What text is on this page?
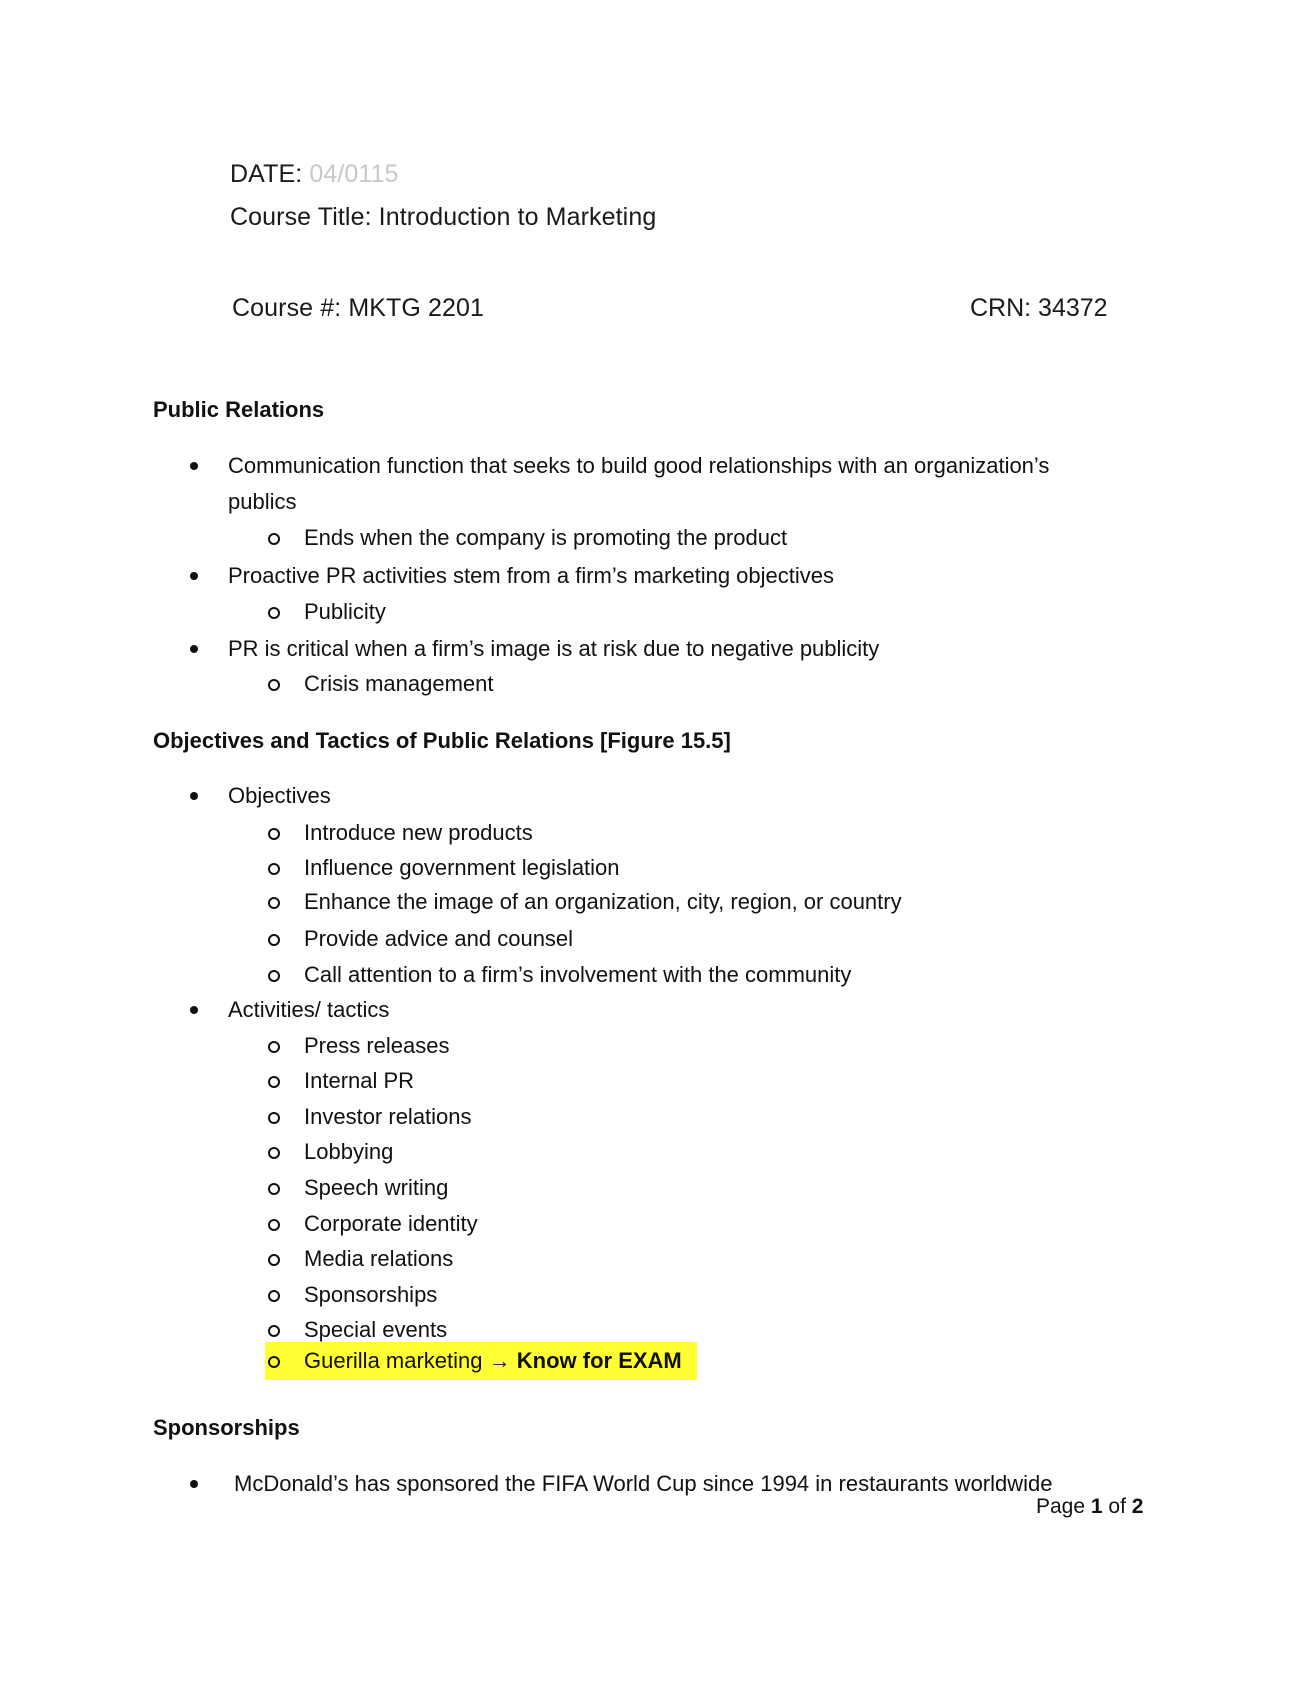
DATE: 04/0115
Course Title: Introduction to Marketing
Course #: MKTG 2201	CRN: 34372
Public Relations
Communication function that seeks to build good relationships with an organization’s
publics
Ends when the company is promoting the product
Proactive PR activities stem from a firm’s marketing objectives
Publicity
PR is critical when a firm’s image is at risk due to negative publicity
Crisis management
Objectives and Tactics of Public Relations [Figure 15.5]
Objectives
Introduce new products
Influence government legislation
Enhance the image of an organization, city, region, or country
Provide advice and counsel
Call attention to a firm’s involvement with the community
Activities/ tactics
Press releases
Internal PR
Investor relations
Lobbying
Speech writing
Corporate identity
Media relations
Sponsorships
Special events
Guerilla marketing → Know for EXAM
Sponsorships
McDonald’s has sponsored the FIFA World Cup since 1994 in restaurants worldwide
Page 1 of 2
